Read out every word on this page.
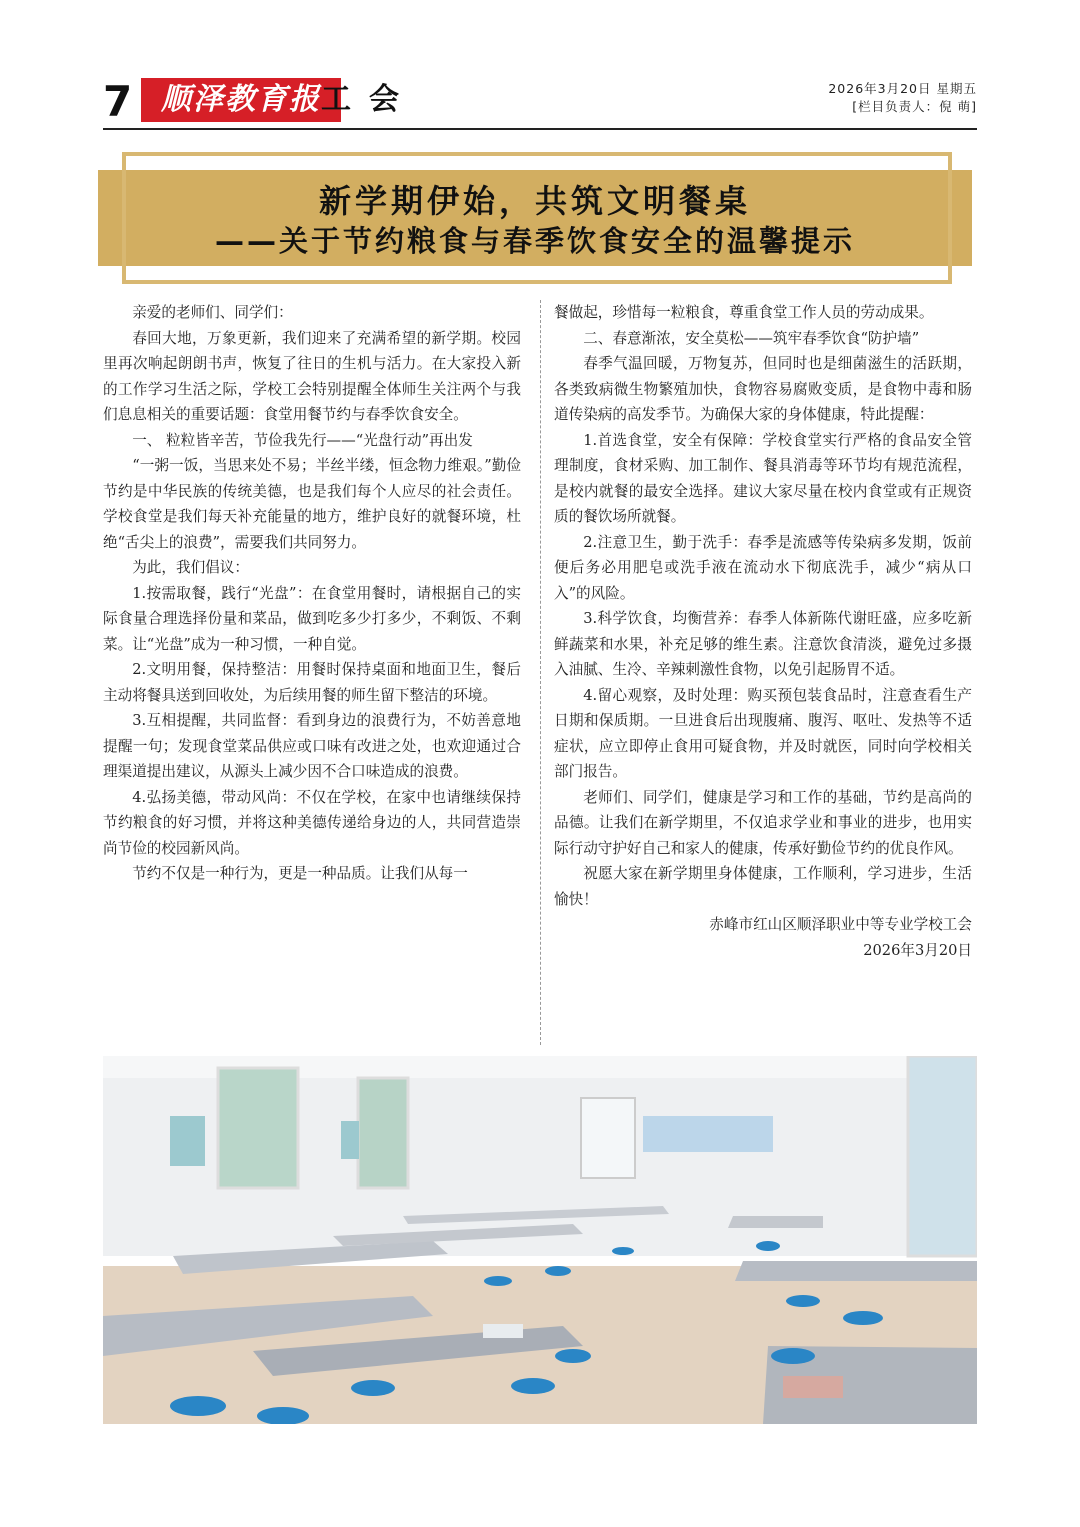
7 顺泽教育报 工会	2026年3月20日 星期五
[栏目负责人：倪 萌]
新学期伊始，共筑文明餐桌
——关于节约粮食与春季饮食安全的温馨提示

亲爱的老师们、同学们：

春回大地，万象更新，我们迎来了充满希望的新学期。校园里再次响起朗朗书声，恢复了往日的生机与活力。在大家投入新的工作学习生活之际，学校工会特别提醒全体师生关注两个与我们息息相关的重要话题：食堂用餐节约与春季饮食安全。

一、 粒粒皆辛苦，节俭我先行——“光盘行动”再出发

“一粥一饭，当思来处不易；半丝半缕，恒念物力维艰。”勤俭节约是中华民族的传统美德，也是我们每个人应尽的社会责任。学校食堂是我们每天补充能量的地方，维护良好的就餐环境，杜绝“舌尖上的浪费”，需要我们共同努力。

为此，我们倡议：

1.按需取餐，践行“光盘”：在食堂用餐时，请根据自己的实际食量合理选择份量和菜品，做到吃多少打多少，不剩饭、不剩菜。让“光盘”成为一种习惯，一种自觉。

2.文明用餐，保持整洁：用餐时保持桌面和地面卫生，餐后主动将餐具送到回收处，为后续用餐的师生留下整洁的环境。

3.互相提醒，共同监督：看到身边的浪费行为，不妨善意地提醒一句；发现食堂菜品供应或口味有改进之处，也欢迎通过合理渠道提出建议，从源头上减少因不合口味造成的浪费。

4.弘扬美德，带动风尚：不仅在学校，在家中也请继续保持节约粮食的好习惯，并将这种美德传递给身边的人，共同营造崇尚节俭的校园新风尚。

节约不仅是一种行为，更是一种品质。让我们从每一

餐做起，珍惜每一粒粮食，尊重食堂工作人员的劳动成果。

二、春意渐浓，安全莫松——筑牢春季饮食“防护墙”

春季气温回暖，万物复苏，但同时也是细菌滋生的活跃期，各类致病微生物繁殖加快，食物容易腐败变质，是食物中毒和肠道传染病的高发季节。为确保大家的身体健康，特此提醒：

1.首选食堂，安全有保障：学校食堂实行严格的食品安全管理制度，食材采购、加工制作、餐具消毒等环节均有规范流程，是校内就餐的最安全选择。建议大家尽量在校内食堂或有正规资质的餐饮场所就餐。

2.注意卫生，勤于洗手：春季是流感等传染病多发期，饭前便后务必用肥皂或洗手液在流动水下彻底洗手，减少“病从口入”的风险。

3.科学饮食，均衡营养：春季人体新陈代谢旺盛，应多吃新鲜蔬菜和水果，补充足够的维生素。注意饮食清淡，避免过多摄入油腻、生冷、辛辣刺激性食物，以免引起肠胃不适。

4.留心观察，及时处理：购买预包装食品时，注意查看生产日期和保质期。一旦进食后出现腹痛、腹泻、呕吐、发热等不适症状，应立即停止食用可疑食物，并及时就医，同时向学校相关部门报告。

老师们、同学们，健康是学习和工作的基础，节约是高尚的品德。让我们在新学期里，不仅追求学业和事业的进步，也用实际行动守护好自己和家人的健康，传承好勤俭节约的优良作风。

祝愿大家在新学期里身体健康，工作顺利，学习进步，生活愉快！

赤峰市红山区顺泽职业中等专业学校工会

2026年3月20日
